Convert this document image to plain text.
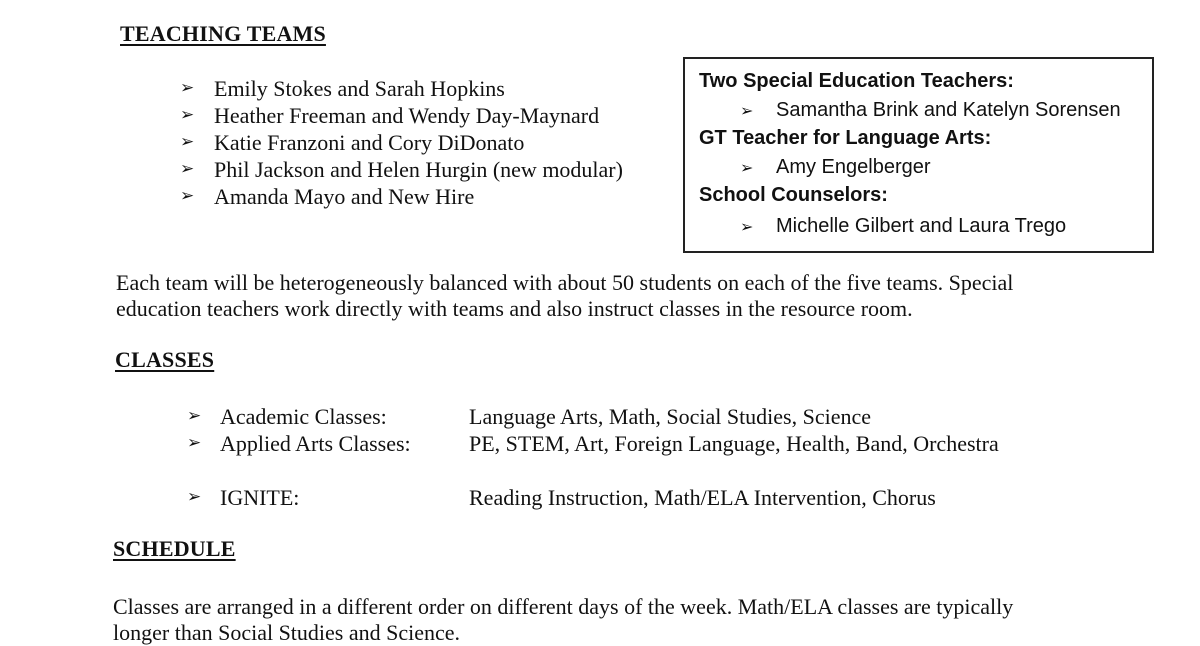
TEACHING TEAMS
➢ Emily Stokes and Sarah Hopkins
➢ Heather Freeman and Wendy Day-Maynard
➢ Katie Franzoni and Cory DiDonato
➢ Phil Jackson and Helen Hurgin (new modular)
➢ Amanda Mayo and New Hire
Two Special Education Teachers:
➢ Samantha Brink and Katelyn Sorensen
GT Teacher for Language Arts:
➢ Amy Engelberger
School Counselors:
➢ Michelle Gilbert and Laura Trego
Each team will be heterogeneously balanced with about 50 students on each of the five teams. Special
education teachers work directly with teams and also instruct classes in the resource room.
CLASSES
➢ Academic Classes:	Language Arts, Math, Social Studies, Science
➢ Applied Arts Classes:	PE, STEM, Art, Foreign Language, Health, Band, Orchestra
➢ IGNITE:	Reading Instruction, Math/ELA Intervention, Chorus
SCHEDULE
Classes are arranged in a different order on different days of the week. Math/ELA classes are typically
longer than Social Studies and Science.
